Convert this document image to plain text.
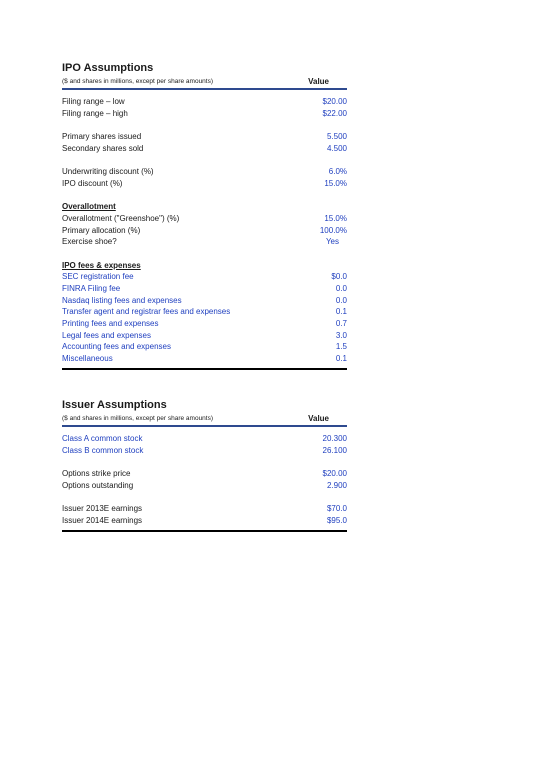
IPO Assumptions
($ and shares in millions, except per share amounts)	Value
Filing range – low	$20.00
Filing range – high	$22.00
Primary shares issued	5.500
Secondary shares sold	4.500
Underwriting discount (%)	6.0%
IPO discount (%)	15.0%
Overallotment
Overallotment ("Greenshoe") (%)	15.0%
Primary allocation (%)	100.0%
Exercise shoe?	Yes
IPO fees & expenses
SEC registration fee	$0.0
FINRA Filing fee	0.0
Nasdaq listing fees and expenses	0.0
Transfer agent and registrar fees and expenses	0.1
Printing fees and expenses	0.7
Legal fees and expenses	3.0
Accounting fees and expenses	1.5
Miscellaneous	0.1
Issuer Assumptions
($ and shares in millions, except per share amounts)	Value
Class A common stock	20.300
Class B common stock	26.100
Options strike price	$20.00
Options outstanding	2.900
Issuer 2013E earnings	$70.0
Issuer 2014E earnings	$95.0
